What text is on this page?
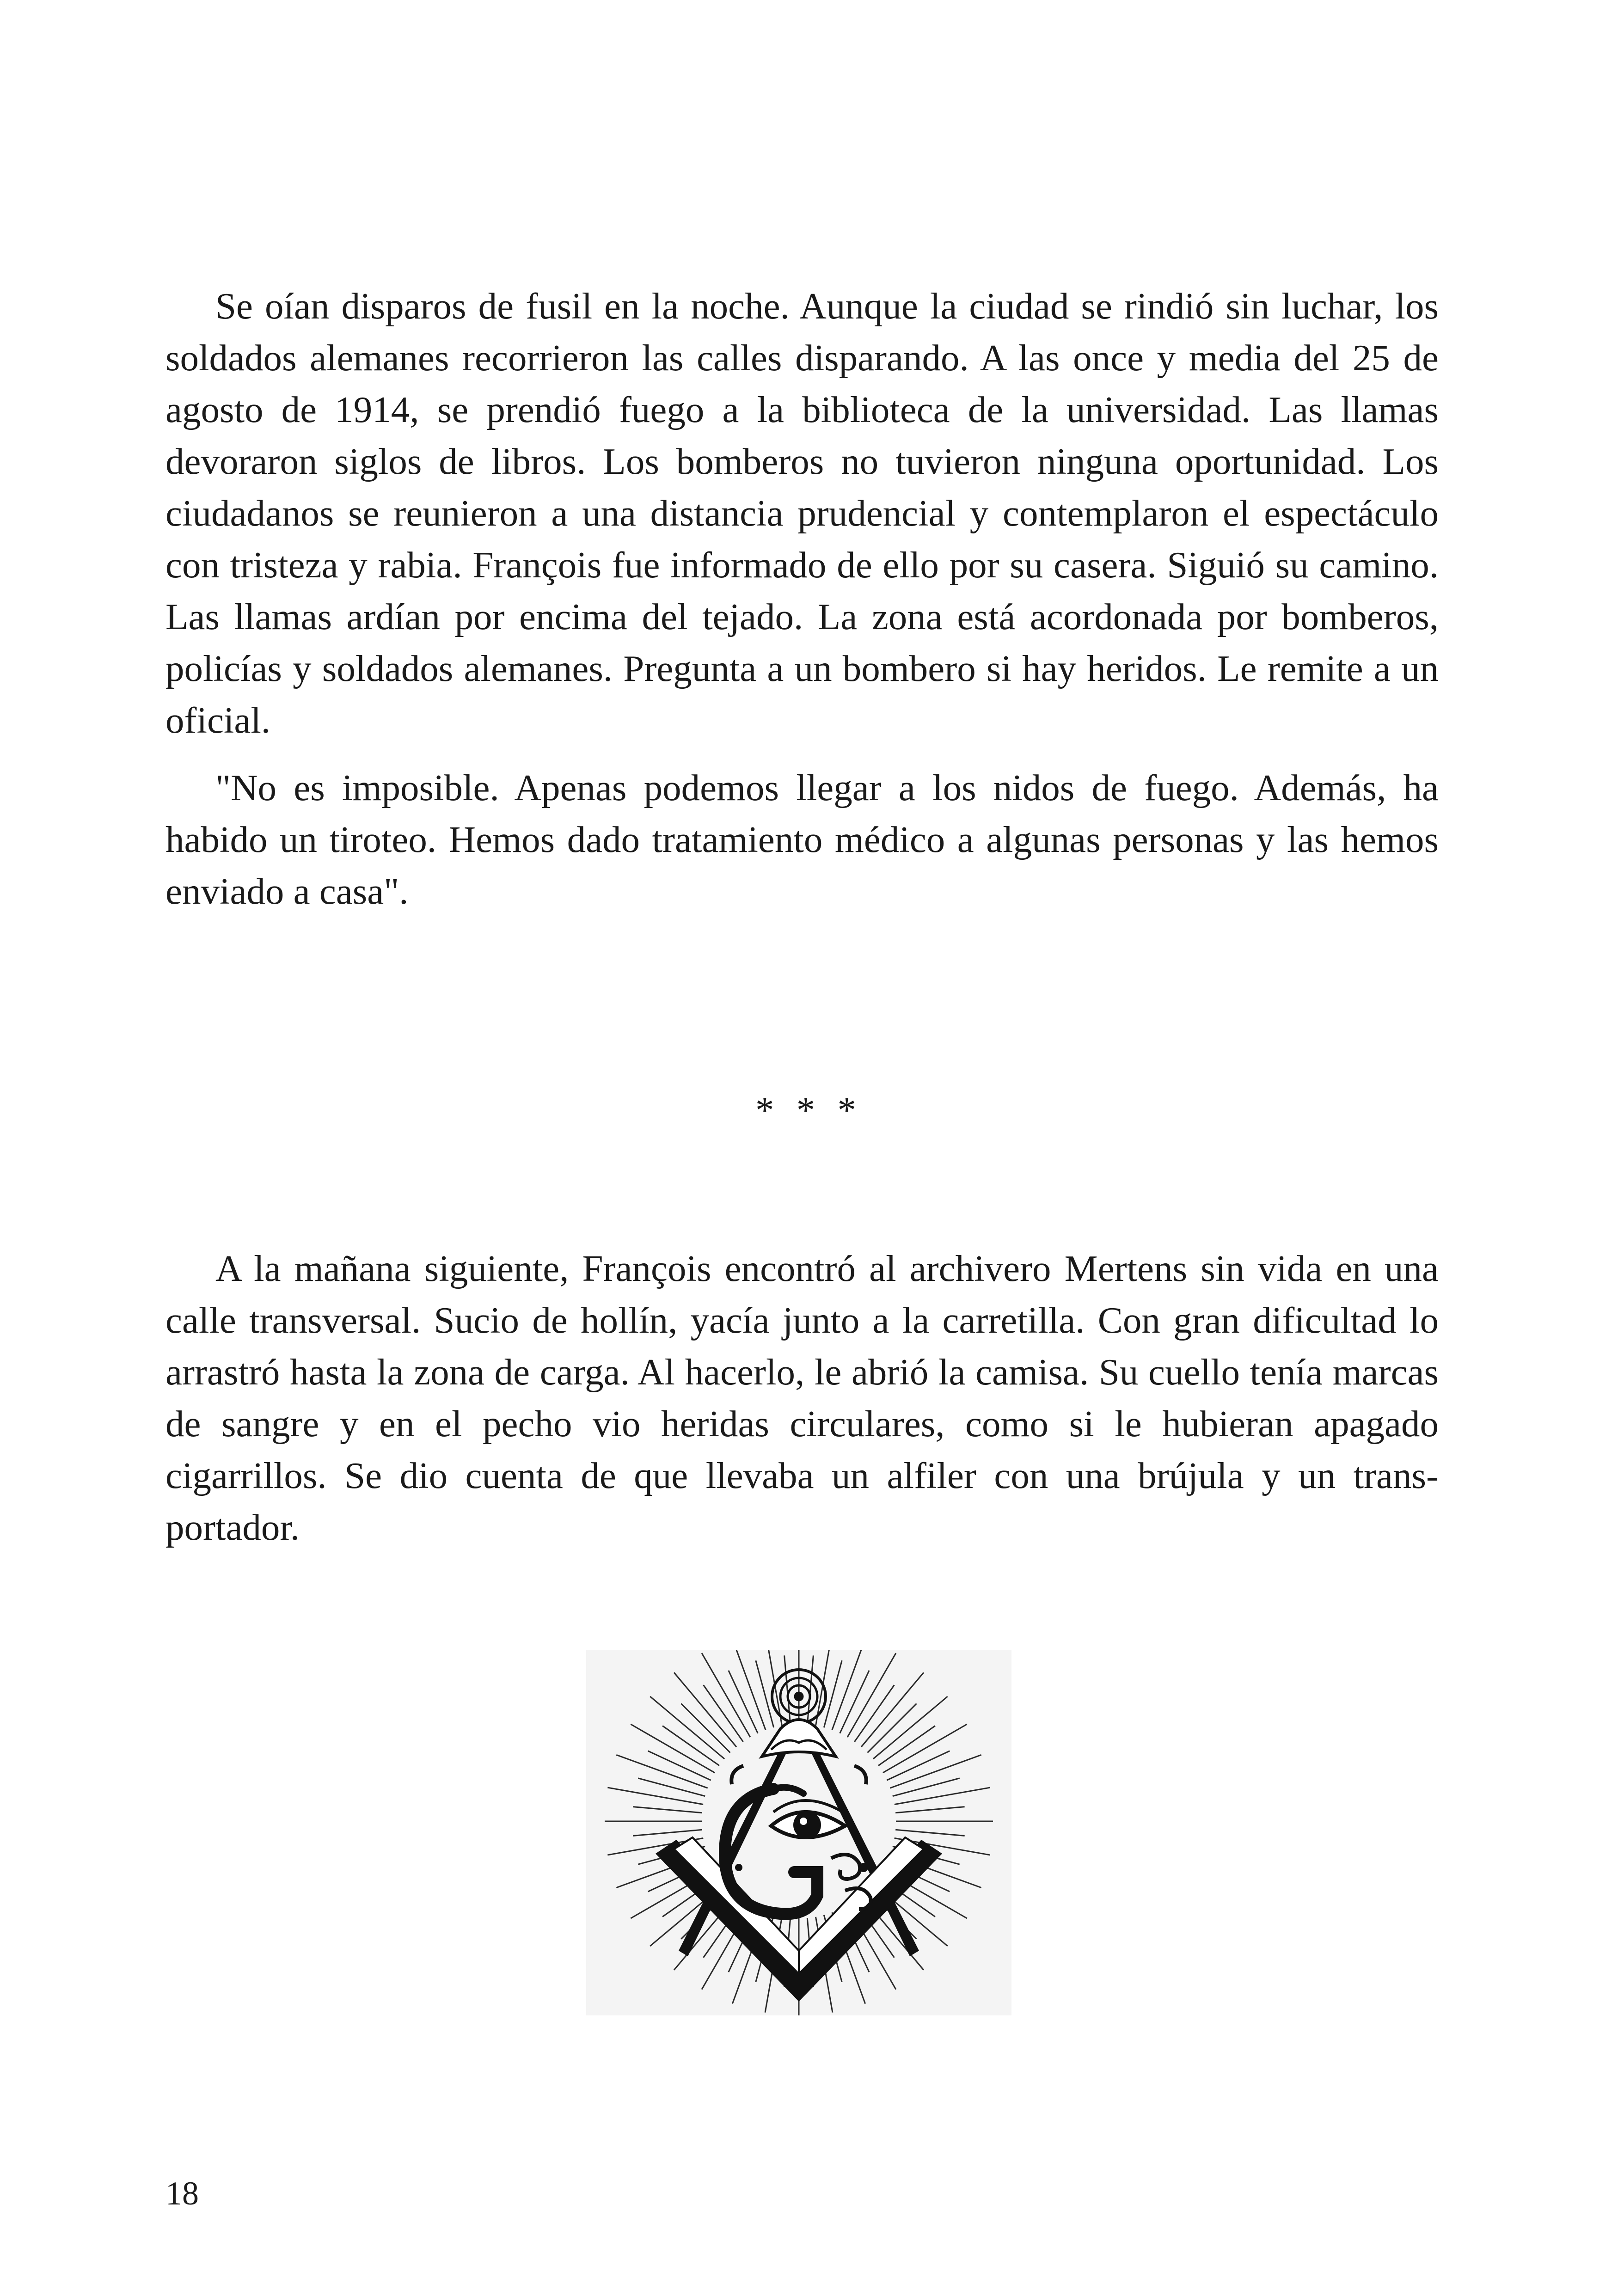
Se oían disparos de fusil en la noche. Aunque la ciudad se rindió sin luchar, los soldados alemanes recorrieron las calles disparando. A las once y media del 25 de agosto de 1914, se prendió fuego a la biblioteca de la universidad. Las llamas devoraron siglos de libros. Los bomberos no tuvieron ninguna oportunidad. Los ciudadanos se reunieron a una distancia prudencial y contemplaron el espectáculo con tristeza y rabia. François fue informado de ello por su casera. Siguió su camino. Las llamas ardían por encima del tejado. La zona está acordonada por bomberos, policías y soldados alemanes. Pregunta a un bombero si hay heridos. Le remite a un oficial.

"No es imposible. Apenas podemos llegar a los nidos de fuego. Además, ha habido un tiroteo. Hemos dado tratamiento médico a algunas personas y las hemos enviado a casa".

* * *

A la mañana siguiente, François encontró al archivero Mertens sin vida en una calle transversal. Sucio de hollín, yacía junto a la carretilla. Con gran dificultad lo arrastró hasta la zona de carga. Al hacerlo, le abrió la camisa. Su cuello tenía marcas de sangre y en el pecho vio heridas circulares, como si le hubieran apagado cigarrillos. Se dio cuenta de que llevaba un alfiler con una brújula y un transportador.

18
